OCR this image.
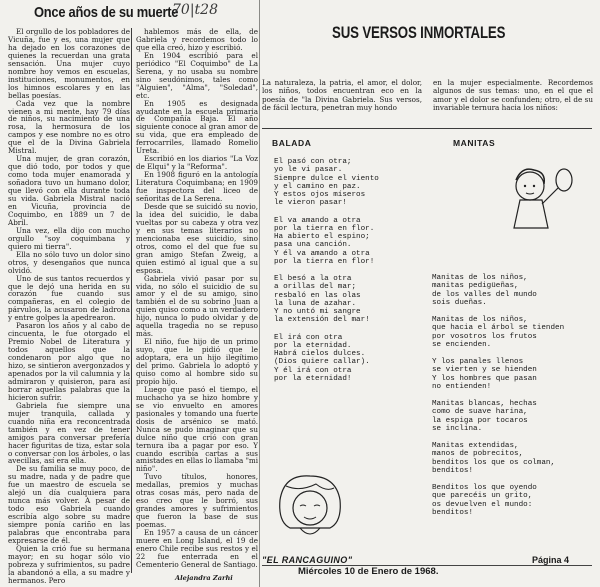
Once años de su muerte
70|t28

El orgullo de los pobladores de Vicuña, fue y es, una mujer que ha dejado en los corazones de quienes la recuerdan una grata sensación. Una mujer cuyo nombre hoy vemos en escuelas, instituciones, monumentos, en los himnos escolares y en las bellas poesías.

Cada vez que la nombre vienen a mi mente, hay 79 días de niños, su nacimiento de una rosa, la hermosura de los campos y ese nombre no es otro que el de la Divina Gabriela Mistral.

Una mujer, de gran corazón, que dió todo, por todos y que como toda mujer enamorada y soñadora tuvo un humano dolor, que llevó con ella durante toda su vida. Gabriela Mistral nació en Vicuña, provincia de Coquimbo, en 1889 un 7 de Abril.

Una vez, ella dijo con mucho orgullo "soy coquimbana y quiero mi tierra".

Ella no sólo tuvo un dolor sino otros, y desengaños que nunca olvidó.

Uno de sus tantos recuerdos y que le dejó una herida en su corazón fue cuando sus compañeras, en el colegio de párvulos, la acusaron de ladrona y entre golpes la apedrearon.

Pasaron los años y al cabo de cincuenta, le fue otorgado el Premio Nobel de Literatura y todos aquellos que la condenaron por algo que no hizo, se sintieron avergonzados y apenados por la vil calumnia y la admiraron y quisieron, para así borrar aquellas palabras que la hicieron sufrir.

Gabriela fue siempre una mujer tranquila, callada y cuando niña era reconcentrada también y en vez de tener amigos para conversar prefería hacer figuritas de tiza, estar sola o conversar con los árboles, o las avecillas, así era ella.

De su familia se muy poco, de su madre, nada y de padre que fue un maestro de escuela se alejó un día cualquiera para nunca más volver. A pesar de todo eso Gabriela cuando escribía algo sobre su madre siempre ponía cariño en las palabras que encontraba para expresarse de él.

Quien la crió fue su hermana mayor; en su hogar sólo vio pobreza y sufrimientos, su padre la abandonó a ella, a su madre y hermanos. Pero

hablemos más de ella, de Gabriela y recordemos todo lo que ella creó, hizo y escribió.

En 1904 escribió para el periódico "El Coquimbo" de La Serena, y no usaba su nombre sino seudónimos, tales como "Alguien", "Alma", "Soledad", etc.

En 1905 es designada ayudante en la escuela primaria de Compañía Baja. El año siguiente conoce al gran amor de su vida, que era empleado de ferrocarriles, llamado Romelio Ureta.

Escribió en los diarios "La Voz de Elqui" y la "Reforma".

En 1908 figuró en la antología Literatura Coquimbana; en 1909 fue inspectora del liceo de señoritas de La Serena.

Desde que se suicidó su novio, la idea del suicidio, le daba vueltas por su cabeza y otra vez y en sus temas literarios no mencionaba ese suicidio, sino otros, como el del que fue su gran amigo Stefan Zweig, a quien estimó al igual que a su esposa.

Gabriela vivió pasar por su vida, no sólo el suicidio de su amor y el de su amigo, sino también el de su sobrino Juan a quien quiso como a un verdadero hijo, nunca lo pudo olvidar y de aquella tragedia no se repuso más.

El niño, fue hijo de un primo suyo, que le pidió que le adoptara, era un hijo ilegítimo del primo. Gabriela lo adoptó y quiso como al hombre sido su propio hijo.

Luego que pasó el tiempo, el muchacho ya se hizo hombre y se vio envuelto en amores pasionales y tomando una fuerte dosis de arsénico se mató. Nunca se pudo imaginar que su dulce niño que crió con gran ternura iba a pagar por eso. Y cuando escribía cartas a sus amistades en ellas lo llamaba "mi niño".

Tuvo títulos, honores, medallas, premios y muchas otras cosas más, pero nada de eso creo que le borró, sus grandes amores y sufrimientos que fueron la base de sus poemas.

En 1957 a causa de un cáncer muere en Long Island, el 19 de enero Chile recibe sus restos y el 22 fue enterrada en el Cementerio General de Santiago.

Alejandra Zarhi
SUS VERSOS INMORTALES
La naturaleza, la patria, el amor, el dolor, los niños, todos encuentran eco en la poesía de "la Divina Gabriela. Sus versos, de fácil lectura, penetran muy hondo
en la mujer especialmente. Recordemos algunos de sus temas: uno, en el que el amor y el dolor se confunden; otro, el de su invariable ternura hacia los niños:
BALADA	MANITAS
El pasó con otra;
yo le vi pasar.
Siempre dulce el viento
y el camino en paz.
Y estos ojos míseros
le vieron pasar!
El va amando a otra
por la tierra en flor.
Ha abierto el espino;
pasa una canción.
Y él va amando a otra
por la tierra en flor!
El besó a la otra
a orillas del mar;
resbaló en las olas
la luna de azahar.
Y no untó mi sangre
la extensión del mar!
El irá con otra
por la eternidad.
Habrá cielos dulces.
(Dios quiere callar).
Y él irá con otra
por la eternidad!
Manitas de los niños,
manitas pedigüeñas,
de los valles del mundo
sois dueñas.
Manitas de los niños,
que hacia el árbol se tienden
por vosotros los frutos
se encienden.
Y los panales llenos
se vierten y se hienden
Y los hombres que pasan
no entienden!
Manitas blancas, hechas
como de suave harina,
la espiga por tocaros
se inclina.
Manitas extendidas,
manos de pobrecitos,
benditos los que os colman,
benditos!
Benditos los que oyendo
que parecéis un grito,
os devuelven el mundo:
benditos!
"EL RANCAGUINO"	Página 4
Miércoles 10 de Enero de 1968.
